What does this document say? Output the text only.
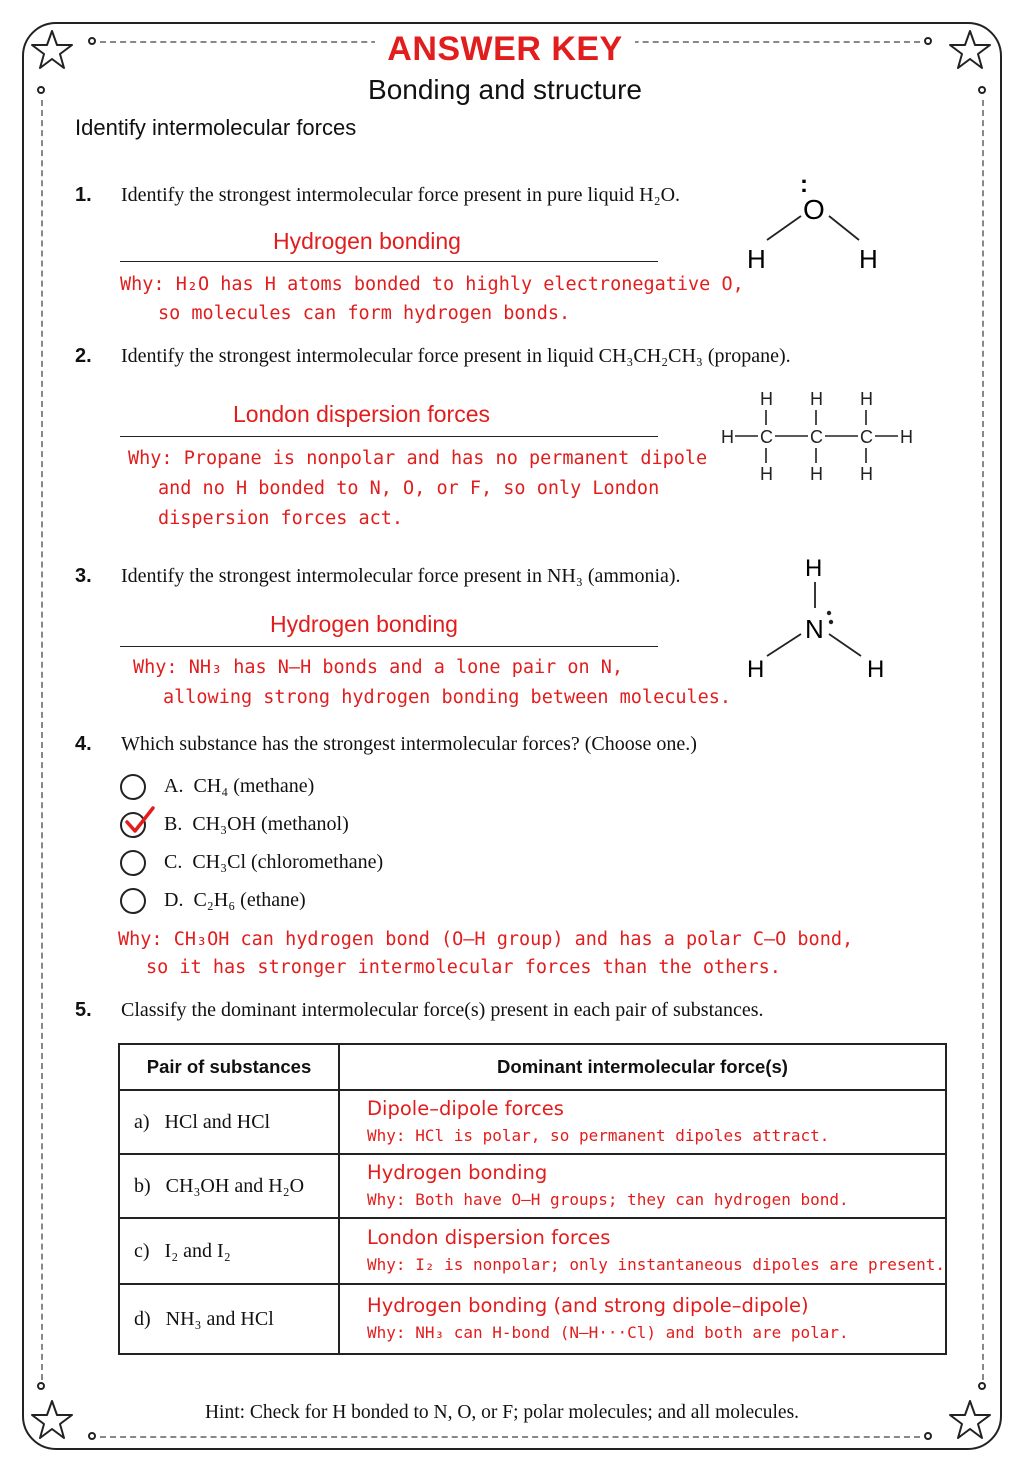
ANSWER KEY
Bonding and structure
Identify intermolecular forces
1. Identify the strongest intermolecular force present in pure liquid H₂O.
Hydrogen bonding
Why: H₂O has H atoms bonded to highly electronegative O,
so molecules can form hydrogen bonds.
:
O
H	H
2. Identify the strongest intermolecular force present in liquid CH₃CH₂CH₃ (propane).
London dispersion forces
Why: Propane is nonpolar and has no permanent dipole
and no H bonded to N, O, or F, so only London
dispersion forces act.
H H H
H C C C H
H H H
3. Identify the strongest intermolecular force present in NH₃ (ammonia).
Hydrogen bonding
Why: NH₃ has N–H bonds and a lone pair on N,
allowing strong hydrogen bonding between molecules.
H
N
H	H
4. Which substance has the strongest intermolecular forces? (Choose one.)
A. CH₄ (methane)
B. CH₃OH (methanol)
C. CH₃Cl (chloromethane)
D. C₂H₆ (ethane)
Why: CH₃OH can hydrogen bond (O–H group) and has a polar C–O bond,
so it has stronger intermolecular forces than the others.
5. Classify the dominant intermolecular force(s) present in each pair of substances.
Pair of substances	Dominant intermolecular force(s)
a) HCl and HCl	Dipole–dipole forces
Why: HCl is polar, so permanent dipoles attract.

b) CH₃OH and H₂O	Hydrogen bonding
Why: Both have O–H groups; they can hydrogen bond.

c) I₂ and I₂	London dispersion forces
Why: I₂ is nonpolar; only instantaneous dipoles are present.

d) NH₃ and HCl	Hydrogen bonding (and strong dipole–dipole)
Why: NH₃ can H-bond (N–H···Cl) and both are polar.
Hint: Check for H bonded to N, O, or F; polar molecules; and all molecules.
